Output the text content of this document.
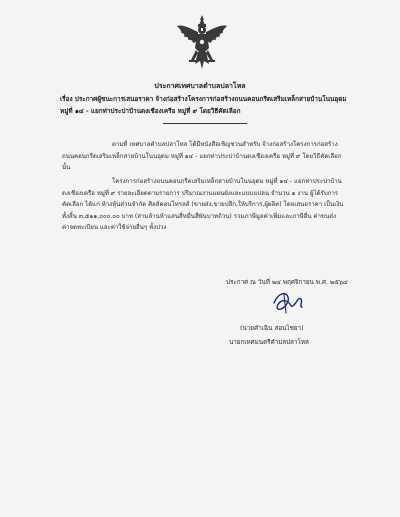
ประกาศเทศบาลตำบลปลาโหล
เรื่อง ประกาศผู้ชนะการเสนอราคา จ้างก่อสร้างโครงการก่อสร้างถนนคอนกรีตเสริมเหล็กสายบ้านโนนอุดม หมู่ที่ ๑๔ - แยกท่าประปาบ้านดงเชืองเครือ หมู่ที่ ๙ โดยวิธีคัดเลือก
ตามที่ เทศบาลตำบลปลาโหล ได้มีหนังสือเชิญชวนสำหรับ จ้างก่อสร้างโครงการก่อสร้างถนนคอนกรีตเสริมเหล็กสายบ้านโนนอุดม หมู่ที่ ๑๔ - แยกท่าประปาบ้านดงเชืองเครือ หมู่ที่ ๙ โดยวิธีคัดเลือก นั้น
โครงการก่อสร้างถนนคอนกรีตเสริมเหล็กสายบ้านโนนอุดม หมู่ที่ ๑๔ - แยกท่าประปาบ้านดงเชืองเครือ หมู่ที่ ๙ รายละเอียดตามรายการ ปริมาณงานแผนผังและแบบแปลน จำนวน ๑ งาน ผู้ได้รับการคัดเลือก ได้แก่ ห้างหุ้นส่วนจำกัด ศิลส์คอนโทรลส์ (ขายส่ง,ขายปลีก,ให้บริการ,ผู้ผลิต) โดยเสนอราคา เป็นเงินทั้งสิ้น ๓,๕๑๑,๐๐๐.๐๐ บาท (สามล้านห้าแสนสี่หมื่นสี่พันบาทถ้วน) รวมภาษีมูลค่าเพิ่มและภาษีอื่น ค่าขนส่ง ค่าจดทะเบียน และค่าใช้จ่ายอื่นๆ ทั้งปวง
ประกาศ ณ วันที่ ๒๔ พฤศจิกายน พ.ศ. ๒๕๖๔
(นายคำเฉิน สอนไชยา)
นายกเทศมนตรีตำบลปลาโหล
